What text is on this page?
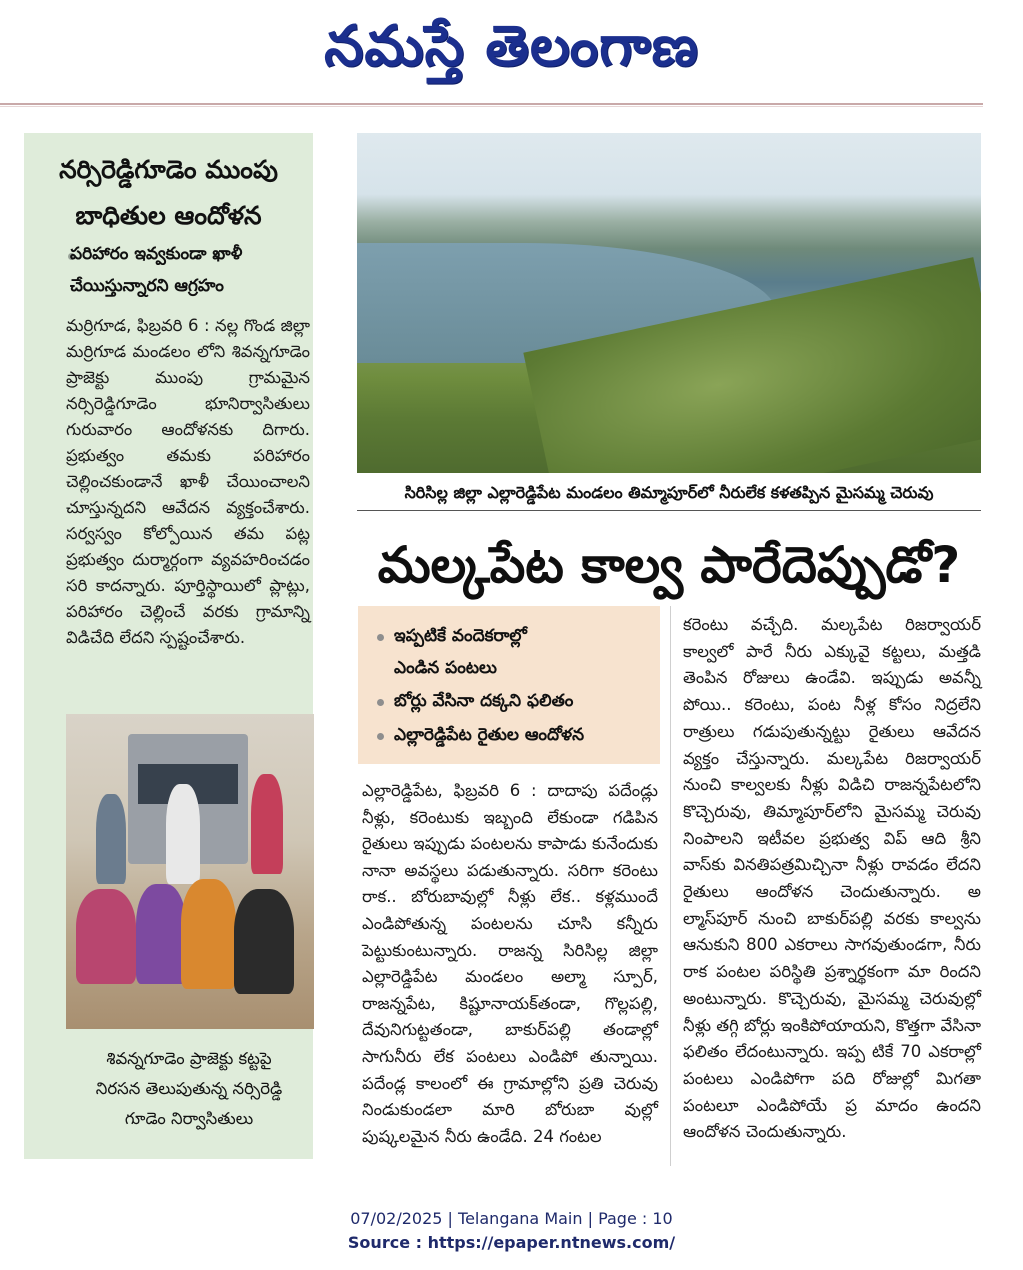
నమస్తే తెలంగాణ
నర్సిరెడ్డిగూడెం ముంపు
బాధితుల ఆందోళన
పరిహారం ఇవ్వకుండా ఖాళీ
చేయిస్తున్నారని ఆగ్రహం
మర్రిగూడ, ఫిబ్రవరి 6 : నల్ల గొండ జిల్లా మర్రిగూడ మండలం లోని శివన్నగూడెం ప్రాజెక్టు ముంపు గ్రామమైన నర్సిరెడ్డిగూడెం భూనిర్వాసితులు గురువారం ఆందోళనకు దిగారు. ప్రభుత్వం తమకు పరిహారం చెల్లించకుండానే ఖాళీ చేయించాలని చూస్తున్నదని ఆవేదన వ్యక్తంచేశారు. సర్వస్వం కోల్పోయిన తమ పట్ల ప్రభుత్వం దుర్మార్గంగా వ్యవహరించడం సరి కాదన్నారు. పూర్తిస్థాయిలో ప్లాట్లు, పరిహారం చెల్లించే వరకు గ్రామాన్ని విడిచేది లేదని స్పష్టంచేశారు.
శివన్నగూడెం ప్రాజెక్టు కట్టపై
నిరసన తెలుపుతున్న నర్సిరెడ్డి
గూడెం నిర్వాసితులు
సిరిసిల్ల జిల్లా ఎల్లారెడ్డిపేట మండలం తిమ్మాపూర్‌లో నీరులేక కళతప్పిన మైసమ్మ చెరువు
మల్కపేట కాల్వ పారేదెప్పుడో?
ఇప్పటికే వందెకరాల్లో
ఎండిన పంటలు
బోర్లు వేసినా దక్కని ఫలితం
ఎల్లారెడ్డిపేట రైతుల ఆందోళన
ఎల్లారెడ్డిపేట, ఫిబ్రవరి 6 : దాదాపు పదేండ్లు నీళ్లు, కరెంటుకు ఇబ్బంది లేకుండా గడిపిన రైతులు ఇప్పుడు పంటలను కాపాడు కునేందుకు నానా అవస్థలు పడుతున్నారు. సరిగా కరెంటు రాక.. బోరుబావుల్లో నీళ్లు లేక.. కళ్లముందే ఎండిపోతున్న పంటలను చూసి కన్నీరు పెట్టుకుంటున్నారు. రాజన్న సిరిసిల్ల జిల్లా ఎల్లారెడ్డిపేట మండలం అల్మా స్పూర్, రాజన్నపేట, కిష్టూనాయక్‌తండా, గొల్లపల్లి, దేవునిగుట్టతండా, బాకుర్‌పల్లి తండాల్లో సాగునీరు లేక పంటలు ఎండిపో తున్నాయి. పదేండ్ల కాలంలో ఈ గ్రామాల్లోని ప్రతి చెరువు నిండుకుండలా మారి బోరుబా వుల్లో పుష్కలమైన నీరు ఉండేది. 24 గంటల
కరెంటు వచ్చేది. మల్కపేట రిజర్వాయర్ కాల్వలో పారే నీరు ఎక్కువై కట్టలు, మత్తడి తెంపిన రోజులు ఉండేవి. ఇప్పుడు అవన్నీ పోయి.. కరెంటు, పంట నీళ్ల కోసం నిద్రలేని రాత్రులు గడుపుతున్నట్టు రైతులు ఆవేదన వ్యక్తం చేస్తున్నారు. మల్కపేట రిజర్వాయర్ నుంచి కాల్వలకు నీళ్లు విడిచి రాజన్నపేటలోని కొచ్చెరువు, తిమ్మాపూర్‌లోని మైసమ్మ చెరువు నింపాలని ఇటీవల ప్రభుత్వ విప్ ఆది శ్రీని వాస్‌కు వినతిపత్రమిచ్చినా నీళ్లు రావడం లేదని రైతులు ఆందోళన చెందుతున్నారు. అ ల్మాస్‌పూర్ నుంచి బాకుర్‌పల్లి వరకు కాల్వను ఆనుకుని 800 ఎకరాలు సాగవుతుండగా, నీరు రాక పంటల పరిస్థితి ప్రశ్నార్థకంగా మా రిందని అంటున్నారు. కొచ్చెరువు, మైసమ్మ చెరువుల్లో నీళ్లు తగ్గి బోర్లు ఇంకిపోయాయని, కొత్తగా వేసినా ఫలితం లేదంటున్నారు. ఇప్ప టికే 70 ఎకరాల్లో పంటలు ఎండిపోగా పది రోజుల్లో మిగతా పంటలూ ఎండిపోయే ప్ర మాదం ఉందని ఆందోళన చెందుతున్నారు.
07/02/2025 | Telangana Main | Page : 10
Source : https://epaper.ntnews.com/
